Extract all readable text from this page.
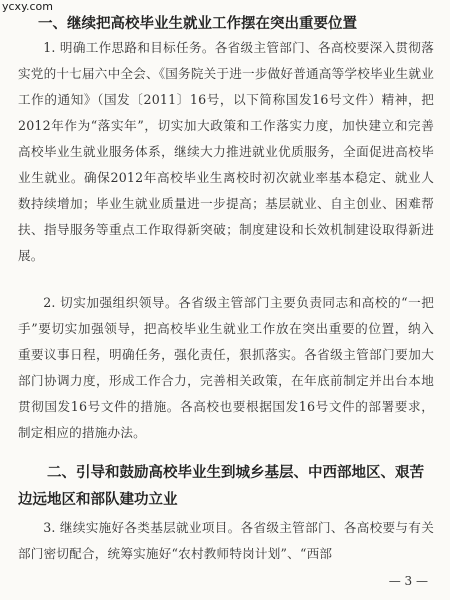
ycxy.com
一、继续把高校毕业生就业工作摆在突出重要位置
1. 明确工作思路和目标任务。各省级主管部门、各高校要深入贯彻落实党的十七届六中全会、《国务院关于进一步做好普通高等学校毕业生就业工作的通知》（国发〔2011〕16号，以下简称国发16号文件）精神，把2012年作为“落实年”，切实加大政策和工作落实力度，加快建立和完善高校毕业生就业服务体系，继续大力推进就业优质服务，全面促进高校毕业生就业。确保2012年高校毕业生离校时初次就业率基本稳定、就业人数持续增加；毕业生就业质量进一步提高；基层就业、自主创业、困难帮扶、指导服务等重点工作取得新突破；制度建设和长效机制建设取得新进展。
2. 切实加强组织领导。各省级主管部门主要负责同志和高校的“一把手”要切实加强领导，把高校毕业生就业工作放在突出重要的位置，纳入重要议事日程，明确任务，强化责任，狠抓落实。各省级主管部门要加大部门协调力度，形成工作合力，完善相关政策，在年底前制定并出台本地贯彻国发16号文件的措施。各高校也要根据国发16号文件的部署要求，制定相应的措施办法。
二、引导和鼓励高校毕业生到城乡基层、中西部地区、艰苦边远地区和部队建功立业
3. 继续实施好各类基层就业项目。各省级主管部门、各高校要与有关部门密切配合，统筹实施好“农村教师特岗计划”、“西部
— 3 —
